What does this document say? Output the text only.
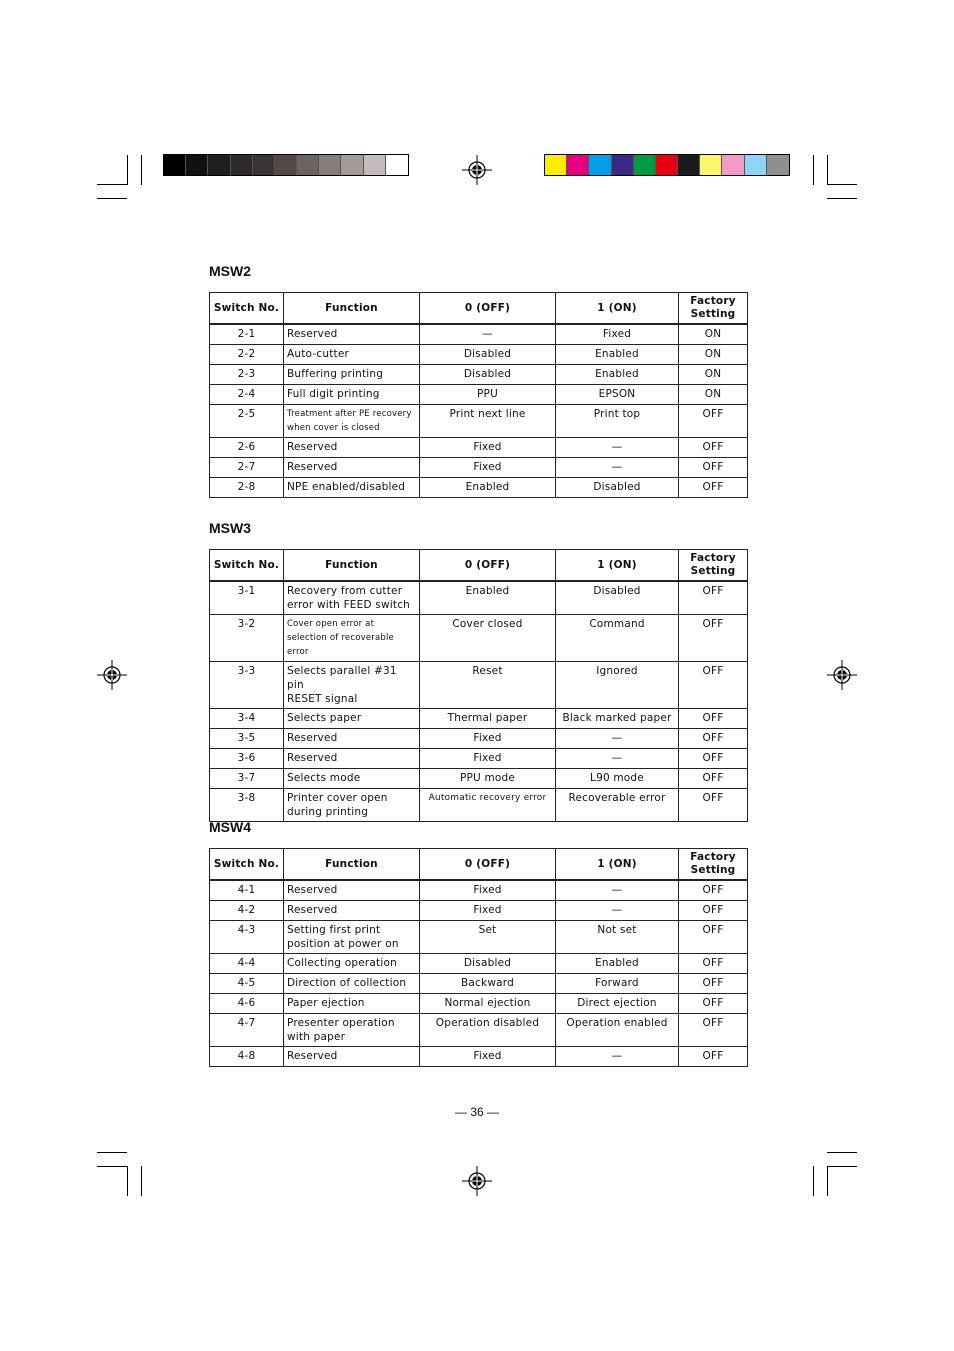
MSW2
Switch No.	Function	0 (OFF)	1 (ON)	Factory
Setting
2-1	Reserved	—	Fixed	ON
2-2	Auto-cutter	Disabled	Enabled	ON
2-3	Buffering printing	Disabled	Enabled	ON
2-4	Full digit printing	PPU	EPSON	ON
2-5	Treatment after PE recovery
when cover is closed	Print next line	Print top	OFF
2-6	Reserved	Fixed	—	OFF
2-7	Reserved	Fixed	—	OFF
2-8	NPE enabled/disabled	Enabled	Disabled	OFF
MSW3
Switch No.	Function	0 (OFF)	1 (ON)	Factory
Setting
3-1	Recovery from cutter
error with FEED switch	Enabled	Disabled	OFF
3-2	Cover open error at
selection of recoverable error	Cover closed	Command	OFF
3-3	Selects parallel #31 pin
RESET signal	Reset	Ignored	OFF
3-4	Selects paper	Thermal paper	Black marked paper	OFF
3-5	Reserved	Fixed	—	OFF
3-6	Reserved	Fixed	—	OFF
3-7	Selects mode	PPU mode	L90 mode	OFF
3-8	Printer cover open
during printing	Automatic recovery error	Recoverable error	OFF
MSW4
Switch No.	Function	0 (OFF)	1 (ON)	Factory
Setting
4-1	Reserved	Fixed	—	OFF
4-2	Reserved	Fixed	—	OFF
4-3	Setting first print
position at power on	Set	Not set	OFF
4-4	Collecting operation	Disabled	Enabled	OFF
4-5	Direction of collection	Backward	Forward	OFF
4-6	Paper ejection	Normal ejection	Direct ejection	OFF
4-7	Presenter operation
with paper	Operation disabled	Operation enabled	OFF
4-8	Reserved	Fixed	—	OFF
— 36 —
